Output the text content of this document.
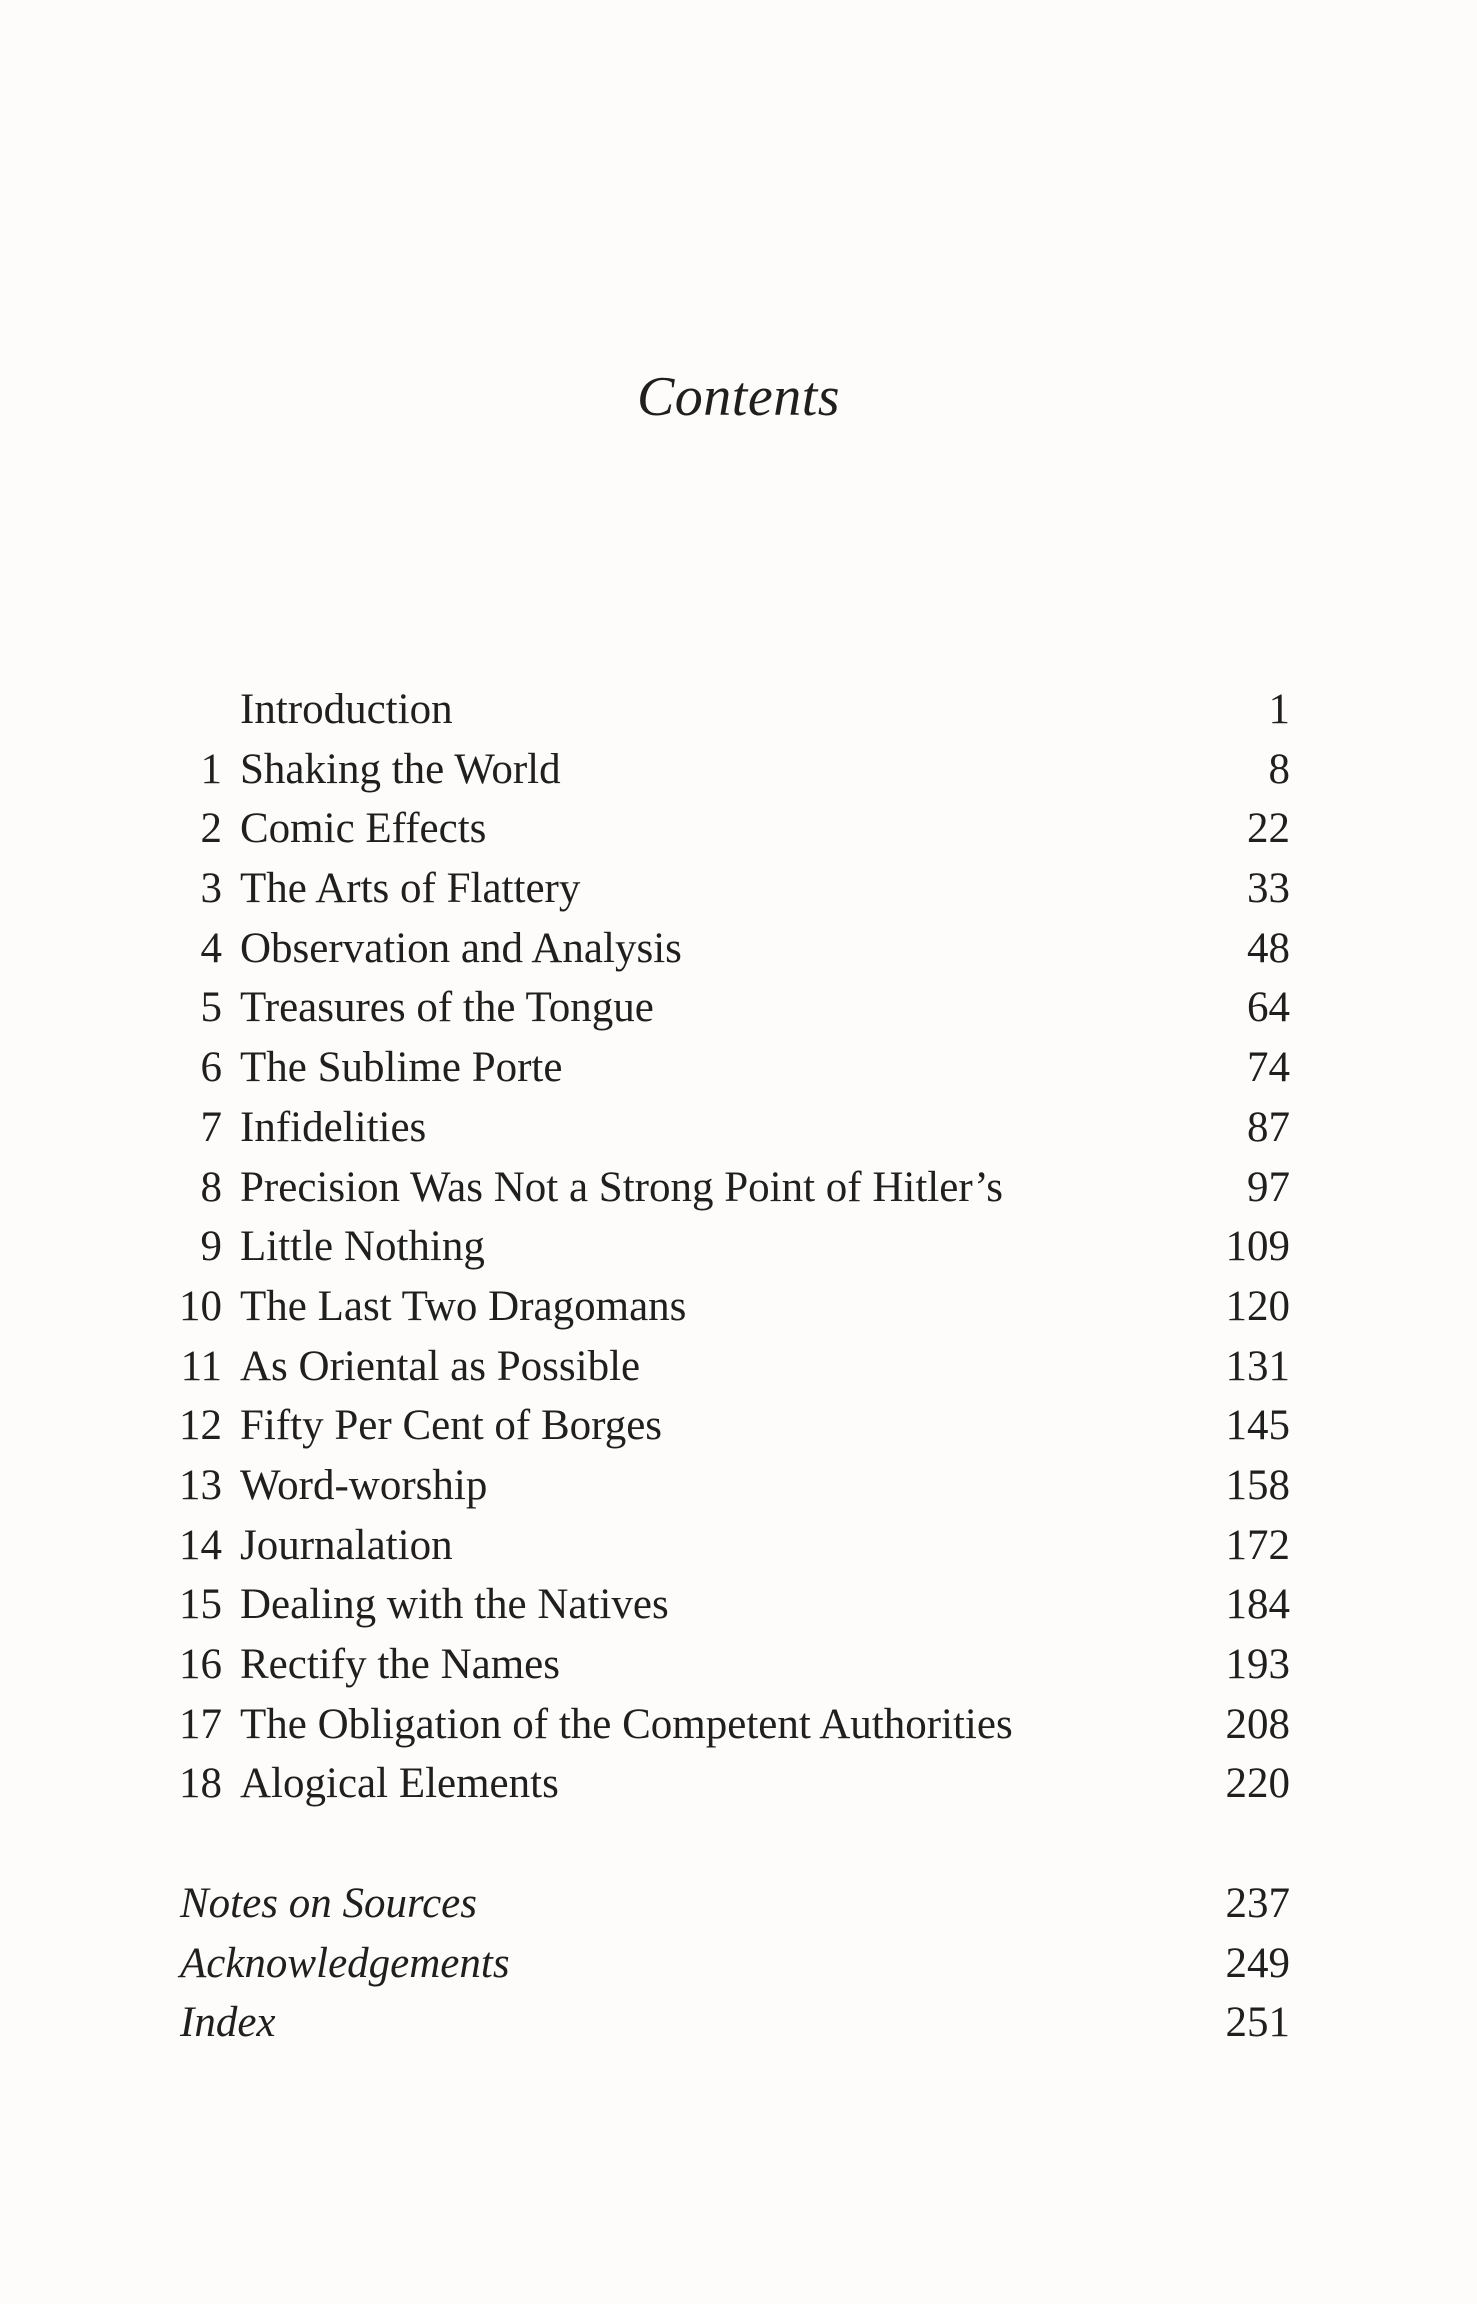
Contents
Introduction	1
1 Shaking the World	8
2 Comic Effects	22
3 The Arts of Flattery	33
4 Observation and Analysis	48
5 Treasures of the Tongue	64
6 The Sublime Porte	74
7 Infidelities	87
8 Precision Was Not a Strong Point of Hitler’s	97
9 Little Nothing	109
10 The Last Two Dragomans	120
11 As Oriental as Possible	131
12 Fifty Per Cent of Borges	145
13 Word-worship	158
14 Journalation	172
15 Dealing with the Natives	184
16 Rectify the Names	193
17 The Obligation of the Competent Authorities	208
18 Alogical Elements	220
Notes on Sources	237
Acknowledgements	249
Index	251
